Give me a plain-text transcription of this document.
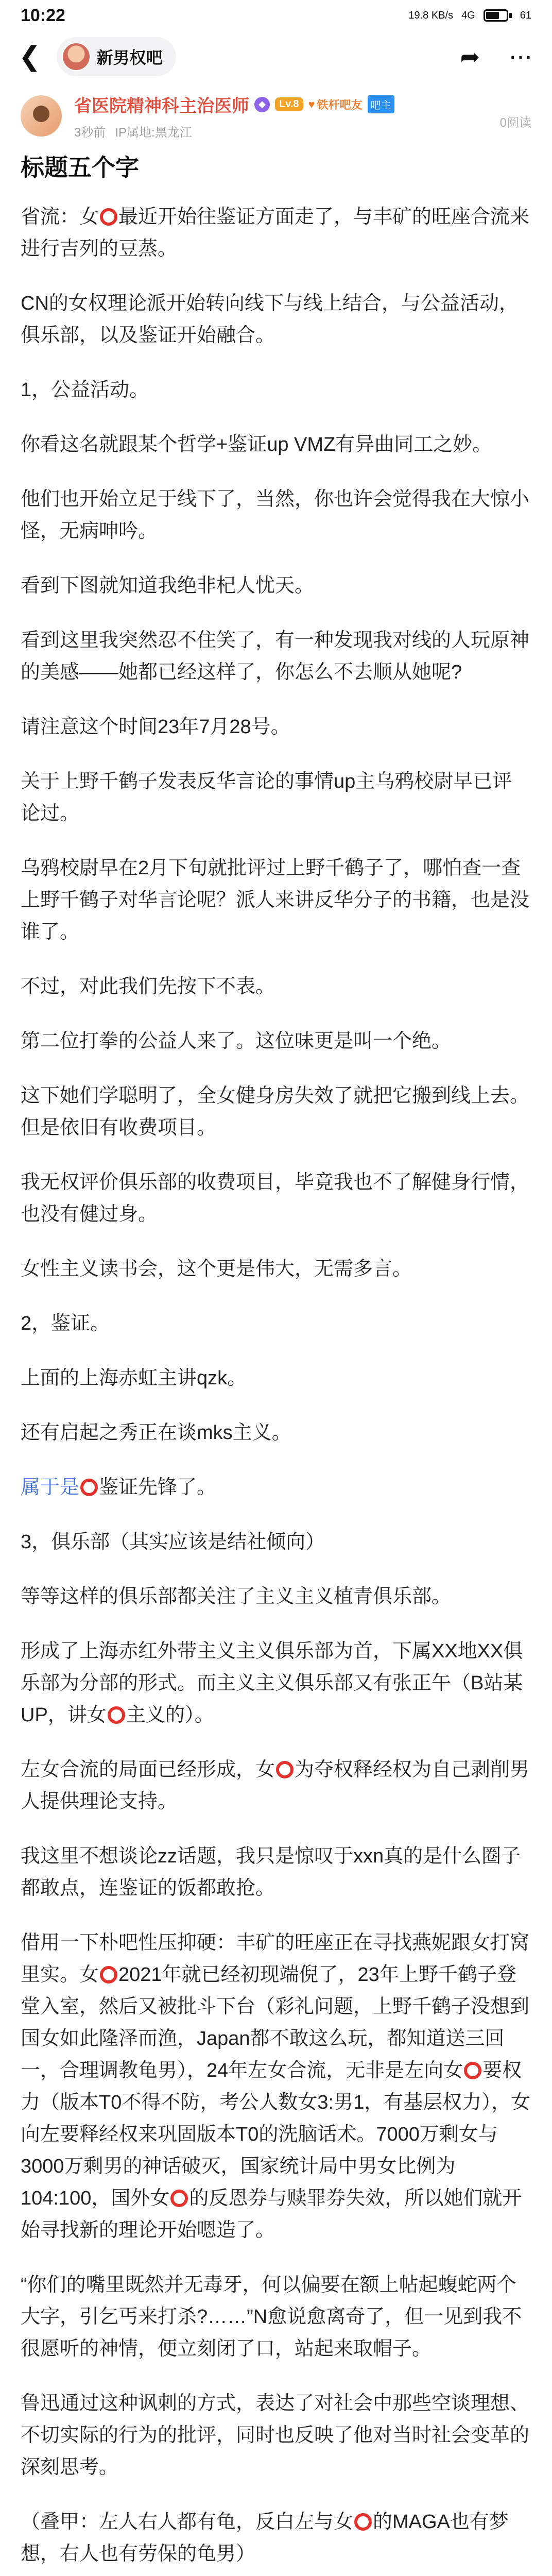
10:22	19.8 KB/s 4G	61
❮	新男权吧	➦ ⋯
省医院精神科主治医师	◆	Lv.8 ♥ 铁杆吧友 吧主
3秒前 IP属地:黑龙江
0阅读
标题五个字

省流：女 最近开始往鉴证方面走了，与丰矿的旺座合流来进行吉列的豆蒸。

CN的女权理论派开始转向线下与线上结合，与公益活动，俱乐部，以及鉴证开始融合。

1，公益活动。

你看这名就跟某个哲学+鉴证up VMZ有异曲同工之妙。

他们也开始立足于线下了，当然，你也许会觉得我在大惊小怪，无病呻吟。

看到下图就知道我绝非杞人忧天。

看到这里我突然忍不住笑了，有一种发现我对线的人玩原神的美感——她都已经这样了，你怎么不去顺从她呢?

请注意这个时间23年7月28号。

关于上野千鹤子发表反华言论的事情up主乌鸦校尉早已评论过。

乌鸦校尉早在2月下旬就批评过上野千鹤子了，哪怕查一查上野千鹤子对华言论呢？派人来讲反华分子的书籍，也是没谁了。

不过，对此我们先按下不表。

第二位打拳的公益人来了。这位味更是叫一个绝。

这下她们学聪明了，全女健身房失效了就把它搬到线上去。但是依旧有收费项目。

我无权评价俱乐部的收费项目，毕竟我也不了解健身行情，也没有健过身。

女性主义读书会，这个更是伟大，无需多言。

2，鉴证。

上面的上海赤虹主讲qzk。

还有启起之秀正在谈mks主义。

属于是 鉴证先锋了。

3，俱乐部（其实应该是结社倾向）

等等这样的俱乐部都关注了主义主义植青俱乐部。

形成了上海赤红外带主义主义俱乐部为首，下属XX地XX俱乐部为分部的形式。而主义主义俱乐部又有张正午（B站某UP，讲女 主义的）。

左女合流的局面已经形成，女 为夺权释经权为自己剥削男人提供理论支持。

我这里不想谈论zz话题，我只是惊叹于xxn真的是什么圈子都敢点，连鉴证的饭都敢抢。

借用一下朴吧性压抑硬：丰矿的旺座正在寻找燕妮跟女打窝里实。女 2021年就已经初现端倪了，23年上野千鹤子登堂入室，然后又被批斗下台（彩礼问题，上野千鹤子没想到国女如此隆泽而渔，Japan都不敢这么玩，都知道送三回一，合理调教龟男），24年左女合流，无非是左向女 要权力（版本T0不得不防，考公人数女3:男1，有基层权力），女向左要释经权来巩固版本T0的洗脑话术。7000万剩女与3000万剩男的神话破灭，国家统计局中男女比例为104:100，国外女 的反恩券与赎罪券失效，所以她们就开始寻找新的理论开始嗯造了。

“你们的嘴里既然并无毒牙，何以偏要在额上帖起蝮蛇两个大字，引乞丐来打杀?……”N愈说愈离奇了，但一见到我不很愿听的神情，便立刻闭了口，站起来取帽子。

鲁迅通过这种讽刺的方式，表达了对社会中那些空谈理想、不切实际的行为的批评，同时也反映了他对当时社会变革的深刻思考。

（叠甲：左人右人都有龟，反白左与女 的MAGA也有梦想，右人也有劳保的龟男）
